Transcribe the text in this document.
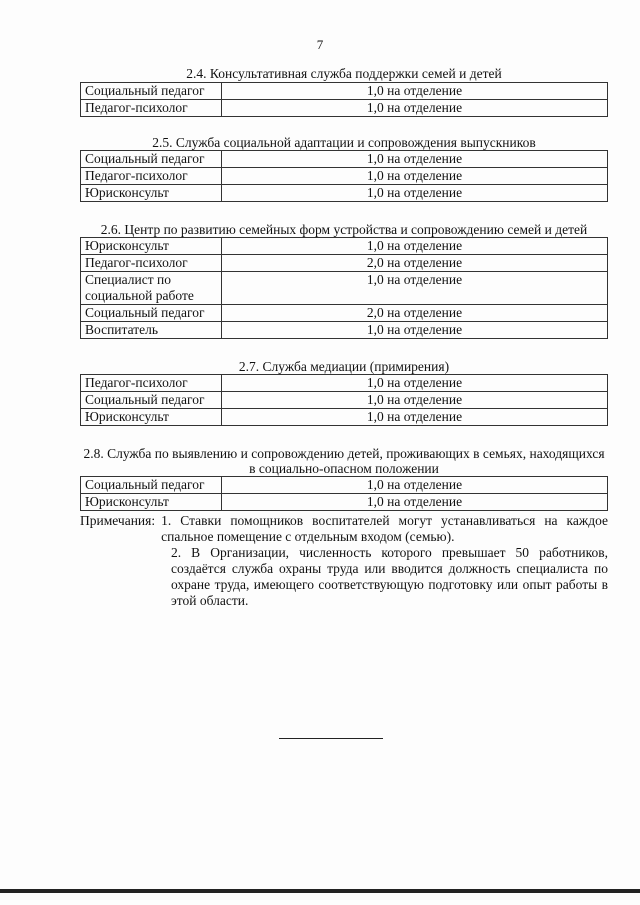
7

2.4. Консультативная служба поддержки семей и детей

Социальный педагог	1,0 на отделение
Педагог-психолог	1,0 на отделение

2.5. Служба социальной адаптации и сопровождения выпускников

Социальный педагог	1,0 на отделение
Педагог-психолог	1,0 на отделение
Юрисконсульт	1,0 на отделение

2.6. Центр по развитию семейных форм устройства и сопровождению семей и детей

Юрисконсульт	1,0 на отделение
Педагог-психолог	2,0 на отделение
Специалист по социальной работе	1,0 на отделение
Социальный педагог	2,0 на отделение
Воспитатель	1,0 на отделение

2.7. Служба медиации (примирения)

Педагог-психолог	1,0 на отделение
Социальный педагог	1,0 на отделение
Юрисконсульт	1,0 на отделение

2.8. Служба по выявлению и сопровождению детей, проживающих в семьях, находящихся в социально-опасном положении

Социальный педагог	1,0 на отделение
Юрисконсульт	1,0 на отделение
Примечания: 1. Ставки помощников воспитателей могут устанавливаться на каждое спальное помещение с отдельным входом (семью).
2. В Организации, численность которого превышает 50 работников, создаётся служба охраны труда или вводится должность специалиста по охране труда, имеющего соответствующую подготовку или опыт работы в этой области.
